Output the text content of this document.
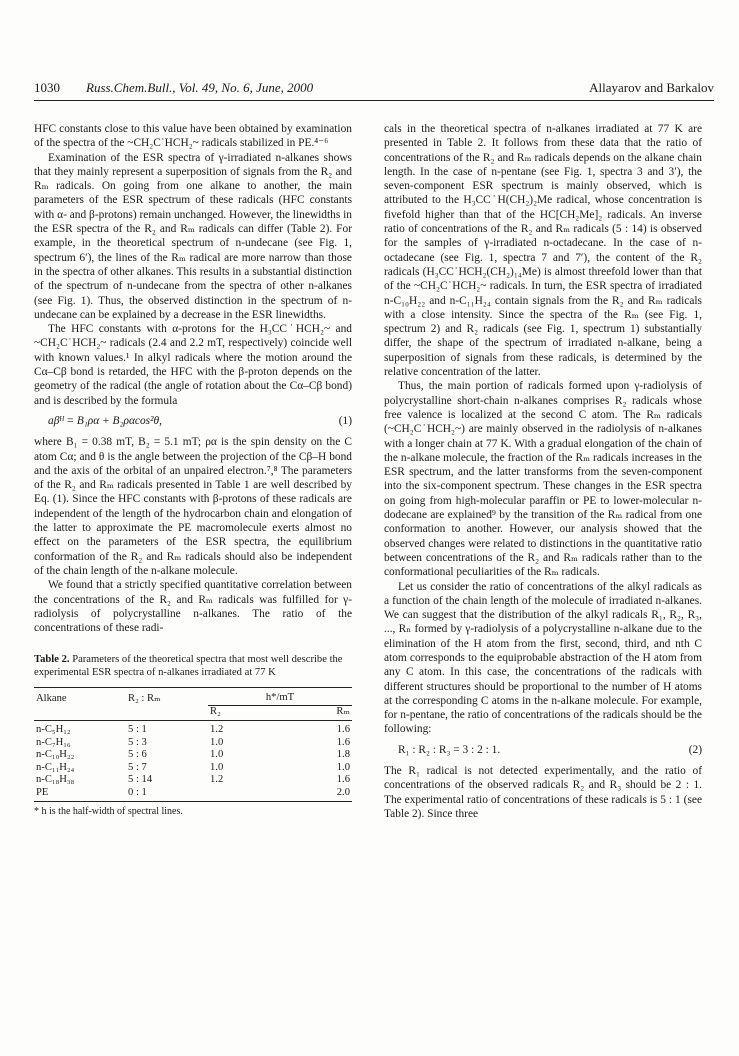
1030 Russ.Chem.Bull., Vol. 49, No. 6, June, 2000	Allayarov and Barkalov

HFC constants close to this value have been obtained by examination of the spectra of the ~CH₂C˙HCH₂~ radicals stabilized in PE.⁴⁻⁶

Examination of the ESR spectra of γ-irradiated n-alkanes shows that they mainly represent a superposition of signals from the R₂ and Rₘ radicals. On going from one alkane to another, the main parameters of the ESR spectrum of these radicals (HFC constants with α- and β-protons) remain unchanged. However, the linewidths in the ESR spectra of the R₂ and Rₘ radicals can differ (Table 2). For example, in the theoretical spectrum of n-undecane (see Fig. 1, spectrum 6′), the lines of the Rₘ radical are more narrow than those in the spectra of other alkanes. This results in a substantial distinction of the spectrum of n-undecane from the spectra of other n-alkanes (see Fig. 1). Thus, the observed distinction in the spectrum of n-undecane can be explained by a decrease in the ESR linewidths.

The HFC constants with α-protons for the H₃CC˙HCH₂~ and ~CH₂C˙HCH₂~ radicals (2.4 and 2.2 mT, respectively) coincide well with known values.¹ In alkyl radicals where the motion around the Cα–Cβ bond is retarded, the HFC with the β-proton depends on the geometry of the radical (the angle of rotation about the Cα–Cβ bond) and is described by the formula

aβᴴ = B₁ρα + B₂ραcos²θ,	(1)

where B₁ = 0.38 mT, B₂ = 5.1 mT; ρα is the spin density on the C atom Cα; and θ is the angle between the projection of the Cβ–H bond and the axis of the orbital of an unpaired electron.⁷,⁸ The parameters of the R₂ and Rₘ radicals presented in Table 1 are well described by Eq. (1). Since the HFC constants with β-protons of these radicals are independent of the length of the hydrocarbon chain and elongation of the latter to approximate the PE macromolecule exerts almost no effect on the parameters of the ESR spectra, the equilibrium conformation of the R₂ and Rₘ radicals should also be independent of the chain length of the n-alkane molecule.

We found that a strictly specified quantitative correlation between the concentrations of the R₂ and Rₘ radicals was fulfilled for γ-radiolysis of polycrystalline n-alkanes. The ratio of the concentrations of these radi-

Table 2. Parameters of the theoretical spectra that most well describe the experimental ESR spectra of n-alkanes irradiated at 77 K
Alkane	R₂ : Rₘ	h*/mT	
		R₂	Rₘ
n-C₅H₁₂	5 : 1	1.2	1.6
n-C₇H₁₆	5 : 3	1.0	1.6
n-C₁₀H₂₂	5 : 6	1.0	1.8
n-C₁₁H₂₄	5 : 7	1.0	1.0
n-C₁₈H₃₈	5 : 14	1.2	1.6
PE	0 : 1		2.0
* h is the half-width of spectral lines.

cals in the theoretical spectra of n-alkanes irradiated at 77 K are presented in Table 2. It follows from these data that the ratio of concentrations of the R₂ and Rₘ radicals depends on the alkane chain length. In the case of n-pentane (see Fig. 1, spectra 3 and 3′), the seven-component ESR spectrum is mainly observed, which is attributed to the H₃CC˙H(CH₂)₂Me radical, whose concentration is fivefold higher than that of the HC[CH₂Me]₂ radicals. An inverse ratio of concentrations of the R₂ and Rₘ radicals (5 : 14) is observed for the samples of γ-irradiated n-octadecane. In the case of n-octadecane (see Fig. 1, spectra 7 and 7′), the content of the R₂ radicals (H₃CC˙HCH₂(CH₂)₁₄Me) is almost threefold lower than that of the ~CH₂C˙HCH₂~ radicals. In turn, the ESR spectra of irradiated n-C₁₀H₂₂ and n-C₁₁H₂₄ contain signals from the R₂ and Rₘ radicals with a close intensity. Since the spectra of the Rₘ (see Fig. 1, spectrum 2) and R₂ radicals (see Fig. 1, spectrum 1) substantially differ, the shape of the spectrum of irradiated n-alkane, being a superposition of signals from these radicals, is determined by the relative concentration of the latter.

Thus, the main portion of radicals formed upon γ-radiolysis of polycrystalline short-chain n-alkanes comprises R₂ radicals whose free valence is localized at the second C atom. The Rₘ radicals (~CH₂C˙HCH₂~) are mainly observed in the radiolysis of n-alkanes with a longer chain at 77 K. With a gradual elongation of the chain of the n-alkane molecule, the fraction of the Rₘ radicals increases in the ESR spectrum, and the latter transforms from the seven-component into the six-component spectrum. These changes in the ESR spectra on going from high-molecular paraffin or PE to lower-molecular n-dodecane are explained⁹ by the transition of the Rₘ radical from one conformation to another. However, our analysis showed that the observed changes were related to distinctions in the quantitative ratio between concentrations of the R₂ and Rₘ radicals rather than to the conformational peculiarities of the Rₘ radicals.

Let us consider the ratio of concentrations of the alkyl radicals as a function of the chain length of the molecule of irradiated n-alkanes. We can suggest that the distribution of the alkyl radicals R₁, R₂, R₃, ..., Rₙ formed by γ-radiolysis of a polycrystalline n-alkane due to the elimination of the H atom from the first, second, third, and nth C atom corresponds to the equiprobable abstraction of the H atom from any C atom. In this case, the concentrations of the radicals with different structures should be proportional to the number of H atoms at the corresponding C atoms in the n-alkane molecule. For example, for n-pentane, the ratio of concentrations of the radicals should be the following:

R₁ : R₂ : R₃ = 3 : 2 : 1.	(2)

The R₁ radical is not detected experimentally, and the ratio of concentrations of the observed radicals R₂ and R₃ should be 2 : 1. The experimental ratio of concentrations of these radicals is 5 : 1 (see Table 2). Since three
